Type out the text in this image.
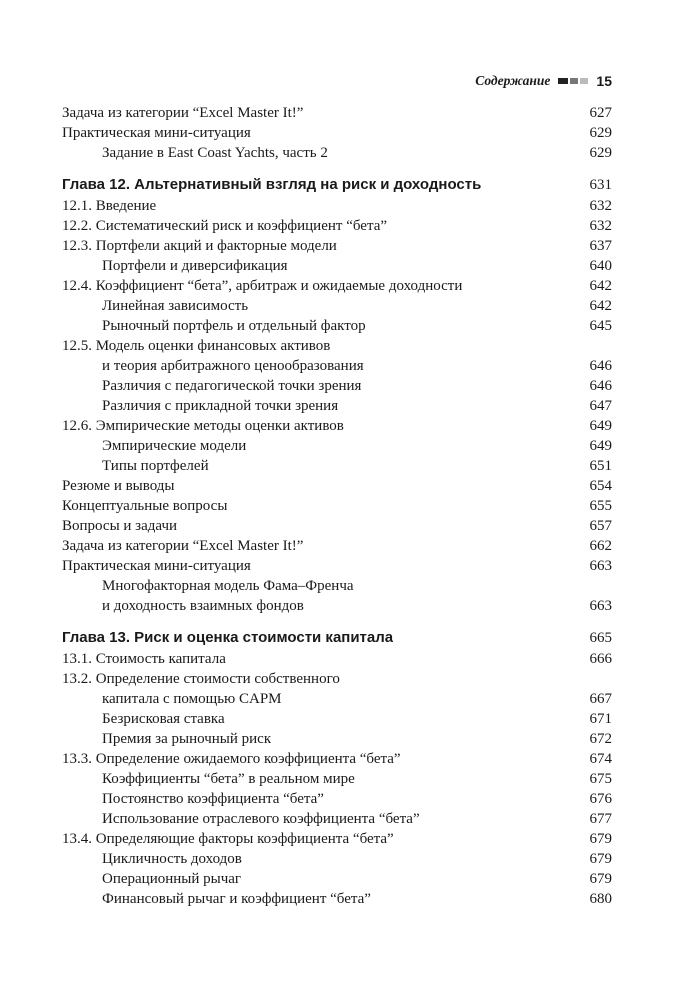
Содержание	15
Задача из категории “Excel Master It!”	627
Практическая мини-ситуация	629
Задание в East Coast Yachts, часть 2	629
Глава 12. Альтернативный взгляд на риск и доходность	631
12.1. Введение	632
12.2. Систематический риск и коэффициент “бета”	632
12.3. Портфели акций и факторные модели	637
Портфели и диверсификация	640
12.4. Коэффициент “бета”, арбитраж и ожидаемые доходности	642
Линейная зависимость	642
Рыночный портфель и отдельный фактор	645
12.5. Модель оценки финансовых активов
и теория арбитражного ценообразования	646
Различия с педагогической точки зрения	646
Различия с прикладной точки зрения	647
12.6. Эмпирические методы оценки активов	649
Эмпирические модели	649
Типы портфелей	651
Резюме и выводы	654
Концептуальные вопросы	655
Вопросы и задачи	657
Задача из категории “Excel Master It!”	662
Практическая мини-ситуация	663
Многофакторная модель Фама–Френча
и доходность взаимных фондов	663
Глава 13. Риск и оценка стоимости капитала	665
13.1. Стоимость капитала	666
13.2. Определение стоимости собственного
капитала с помощью CAPM	667
Безрисковая ставка	671
Премия за рыночный риск	672
13.3. Определение ожидаемого коэффициента “бета”	674
Коэффициенты “бета” в реальном мире	675
Постоянство коэффициента “бета”	676
Использование отраслевого коэффициента “бета”	677
13.4. Определяющие факторы коэффициента “бета”	679
Цикличность доходов	679
Операционный рычаг	679
Финансовый рычаг и коэффициент “бета”	680
